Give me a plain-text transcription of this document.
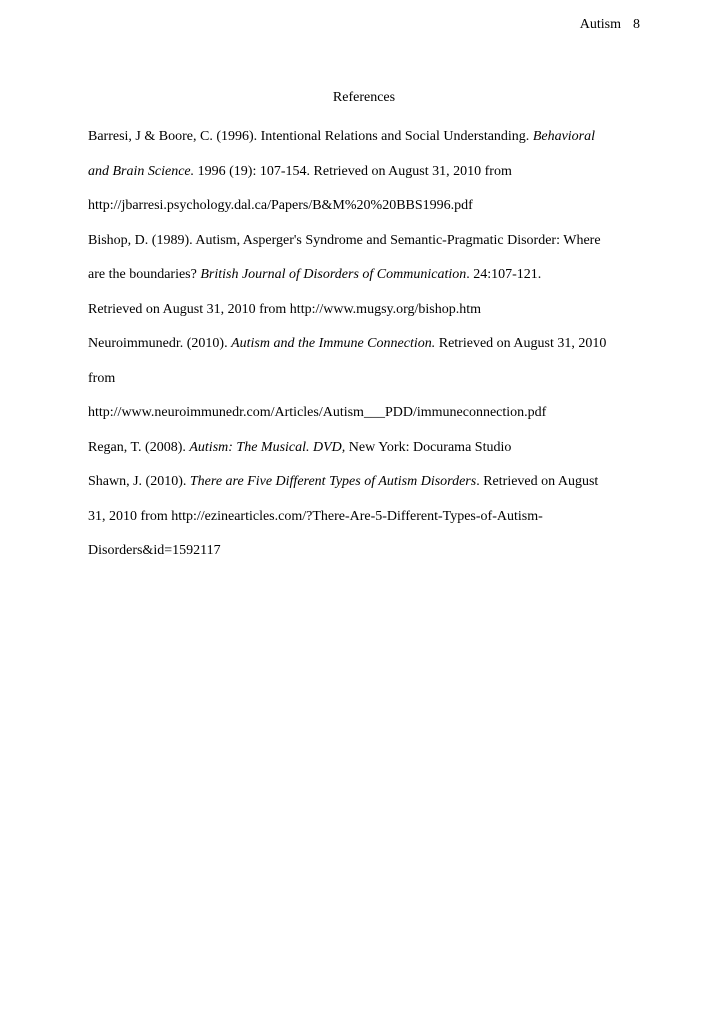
Autism 8
References

Barresi, J & Boore, C. (1996). Intentional Relations and Social Understanding. Behavioral
and Brain Science. 1996 (19): 107-154. Retrieved on August 31, 2010 from
http://jbarresi.psychology.dal.ca/Papers/B&M%20%20BBS1996.pdf

Bishop, D. (1989). Autism, Asperger's Syndrome and Semantic-Pragmatic Disorder: Where
are the boundaries? British Journal of Disorders of Communication. 24:107-121.
Retrieved on August 31, 2010 from http://www.mugsy.org/bishop.htm

Neuroimmunedr. (2010). Autism and the Immune Connection. Retrieved on August 31, 2010
from
http://www.neuroimmunedr.com/Articles/Autism___PDD/immuneconnection.pdf

Regan, T. (2008). Autism: The Musical. DVD, New York: Docurama Studio

Shawn, J. (2010). There are Five Different Types of Autism Disorders. Retrieved on August
31, 2010 from http://ezinearticles.com/?There-Are-5-Different-Types-of-Autism-
Disorders&id=1592117
